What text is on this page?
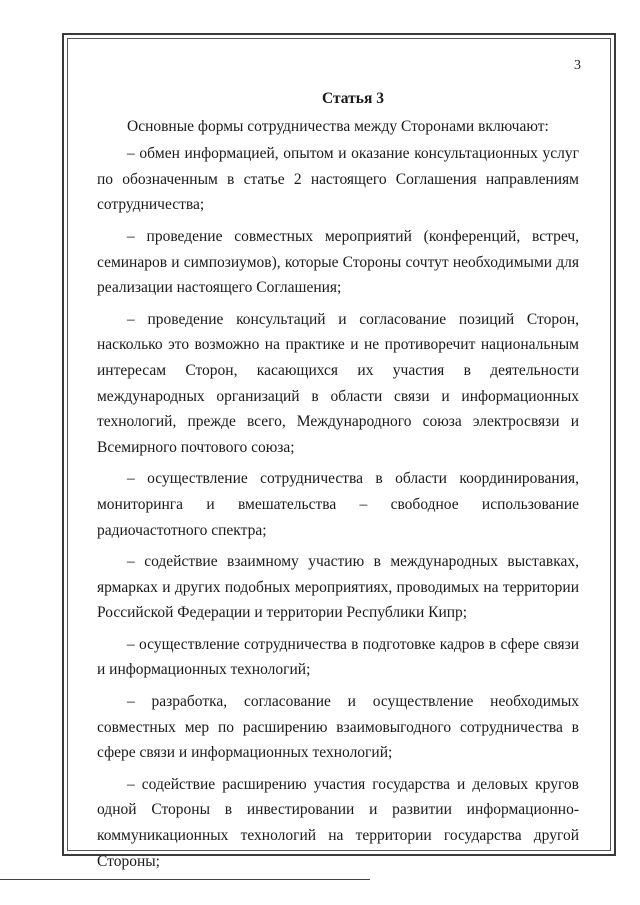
3
Статья 3

Основные формы сотрудничества между Сторонами включают:

– обмен информацией, опытом и оказание консультационных услуг по обозначенным в статье 2 настоящего Соглашения направлениям сотрудничества;

– проведение совместных мероприятий (конференций, встреч, семинаров и симпозиумов), которые Стороны сочтут необходимыми для реализации настоящего Соглашения;

– проведение консультаций и согласование позиций Сторон, насколько это возможно на практике и не противоречит национальным интересам Сторон, касающихся их участия в деятельности международных организаций в области связи и информационных технологий, прежде всего, Международного союза электросвязи и Всемирного почтового союза;

– осуществление сотрудничества в области координирования, мониторинга и вмешательства – свободное использование радиочастотного спектра;

– содействие взаимному участию в международных выставках, ярмарках и других подобных мероприятиях, проводимых на территории Российской Федерации и территории Республики Кипр;

– осуществление сотрудничества в подготовке кадров в сфере связи и информационных технологий;

– разработка, согласование и осуществление необходимых совместных мер по расширению взаимовыгодного сотрудничества в сфере связи и информационных технологий;

– содействие расширению участия государства и деловых кругов одной Стороны в инвестировании и развитии информационно-коммуникационных технологий на территории государства другой Стороны;
